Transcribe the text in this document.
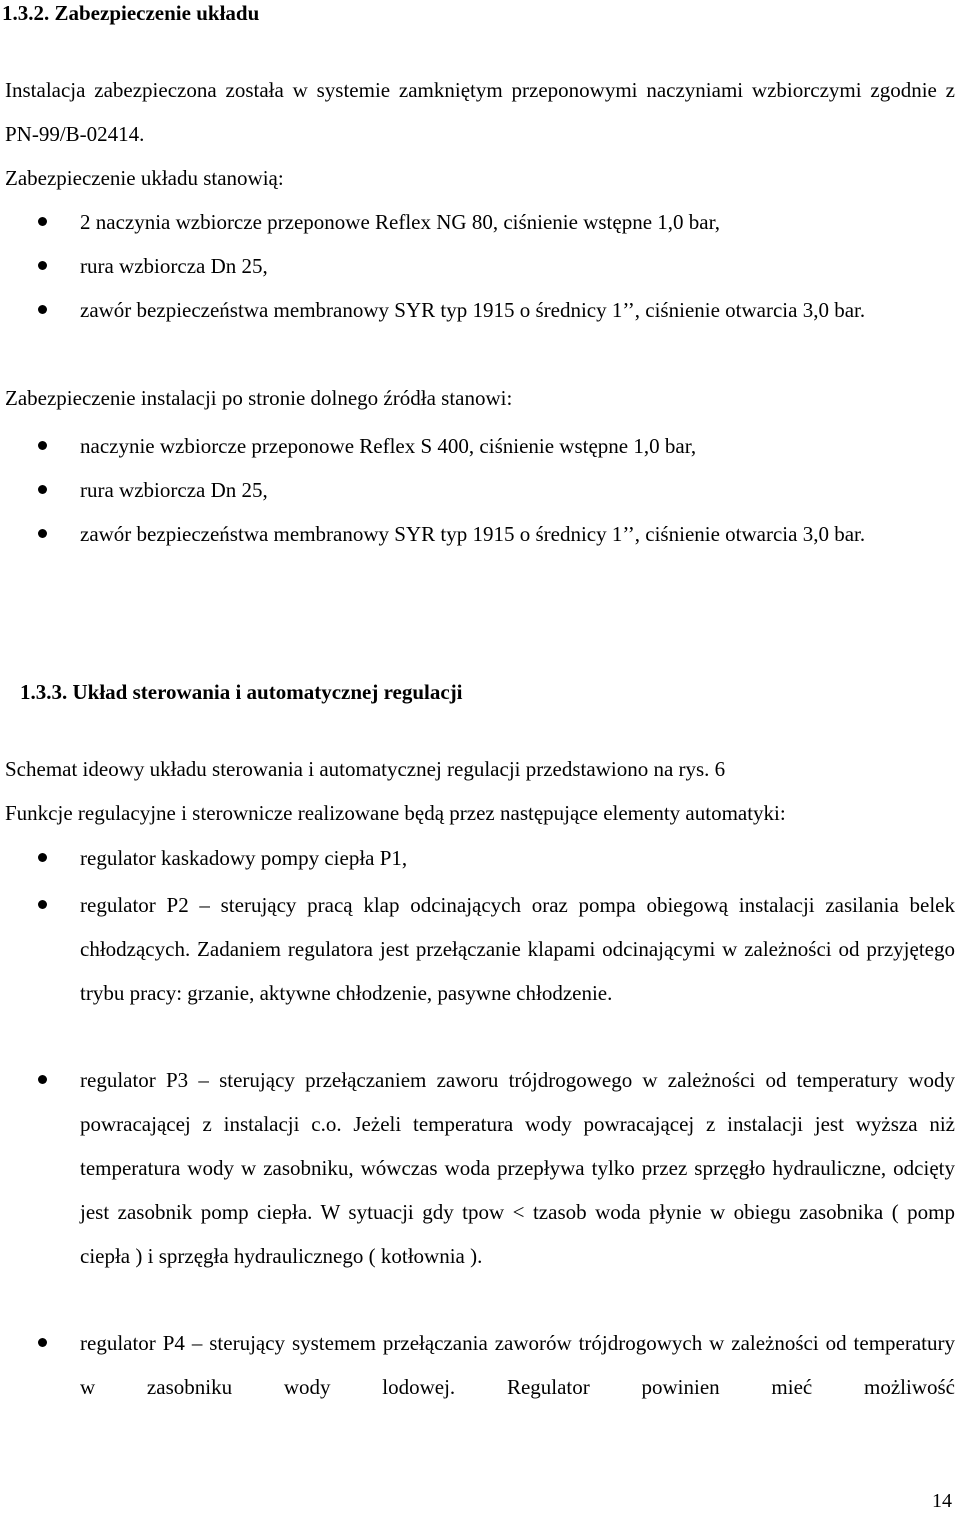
1.3.2. Zabezpieczenie układu

Instalacja zabezpieczona została w systemie zamkniętym przeponowymi naczyniami wzbiorczymi zgodnie z PN-99/B-02414.

Zabezpieczenie układu stanowią:

2 naczynia wzbiorcze przeponowe Reflex NG 80, ciśnienie wstępne 1,0 bar,
rura wzbiorcza Dn 25,
zawór bezpieczeństwa membranowy SYR typ 1915 o średnicy 1’’, ciśnienie otwarcia 3,0 bar.

Zabezpieczenie instalacji po stronie dolnego źródła stanowi:

naczynie wzbiorcze przeponowe Reflex S 400, ciśnienie wstępne 1,0 bar,
rura wzbiorcza Dn 25,
zawór bezpieczeństwa membranowy SYR typ 1915 o średnicy 1’’, ciśnienie otwarcia 3,0 bar.
1.3.3. Układ sterowania i automatycznej regulacji

Schemat ideowy układu sterowania i automatycznej regulacji przedstawiono na rys. 6

Funkcje regulacyjne i sterownicze realizowane będą przez następujące elementy automatyki:

regulator kaskadowy pompy ciepła P1,
regulator P2 – sterujący pracą klap odcinających oraz pompa obiegową instalacji zasilania belek chłodzących. Zadaniem regulatora jest przełączanie klapami odcinającymi w zależności od przyjętego trybu pracy: grzanie, aktywne chłodzenie, pasywne chłodzenie.
regulator P3 – sterujący przełączaniem zaworu trójdrogowego w zależności od temperatury wody powracającej z instalacji c.o. Jeżeli temperatura wody powracającej z instalacji jest wyższa niż temperatura wody w zasobniku, wówczas woda przepływa tylko przez sprzęgło hydrauliczne, odcięty jest zasobnik pomp ciepła. W sytuacji gdy tpow < tzasob woda płynie w obiegu zasobnika ( pomp ciepła ) i sprzęgła hydraulicznego ( kotłownia ).
regulator P4 – sterujący systemem przełączania zaworów trójdrogowych w zależności od temperatury w zasobniku wody lodowej. Regulator powinien mieć możliwość
14
